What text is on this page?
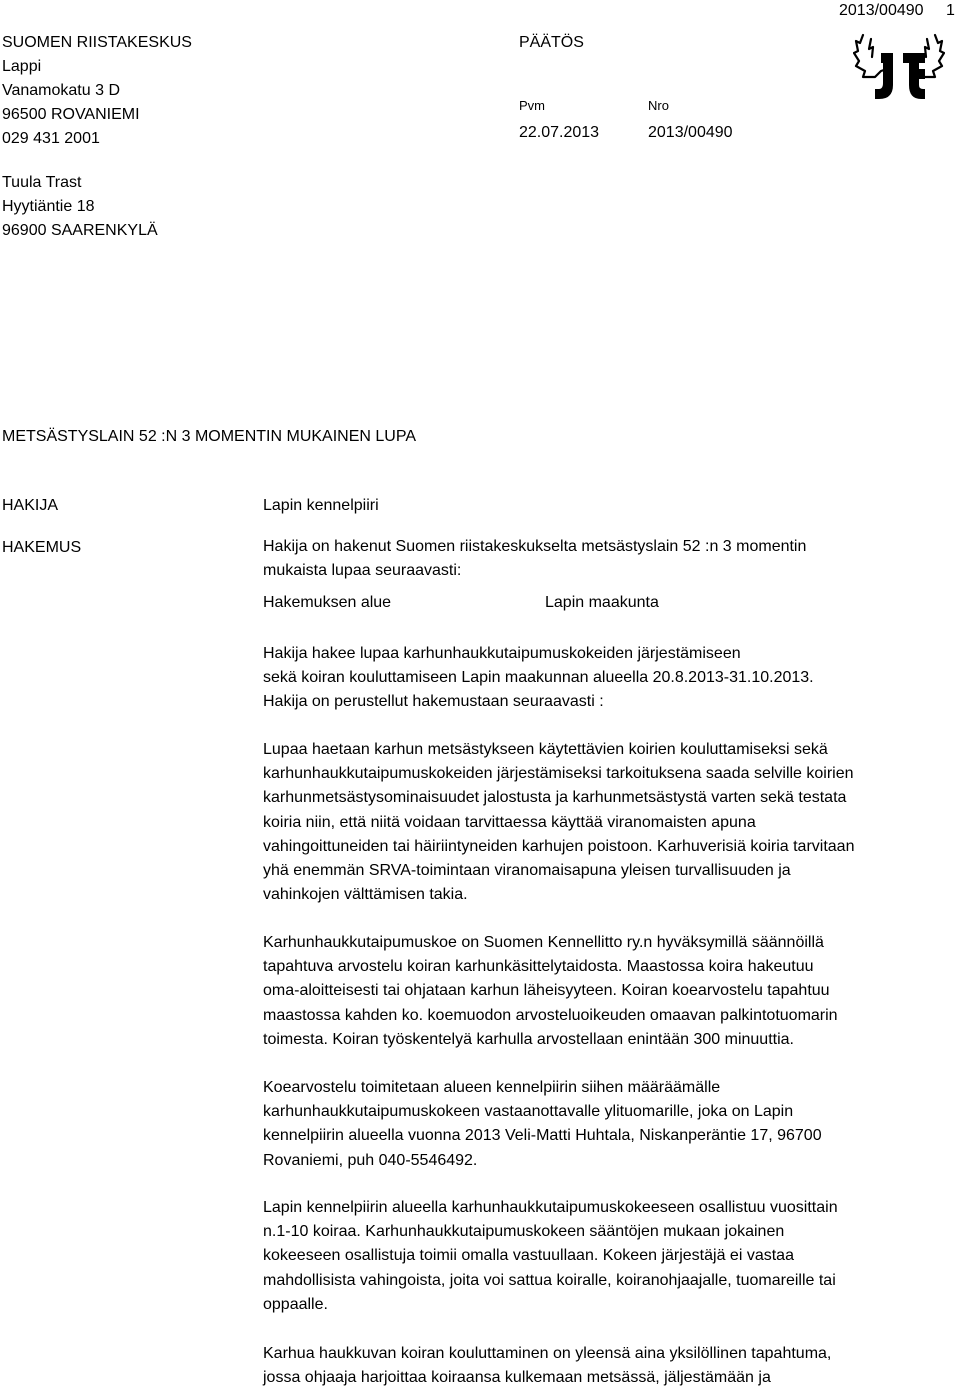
SUOMEN RIISTAKESKUS
Lappi
Vanamokatu 3 D
96500 ROVANIEMI
029 431 2001
PÄÄTÖS
Pvm	Nro
22.07.2013	2013/00490
2013/00490 1
Tuula Trast
Hyytiäntie 18
96900 SAARENKYLÄ
METSÄSTYSLAIN 52 :N 3 MOMENTIN MUKAINEN LUPA
HAKIJA	Lapin kennelpiiri
HAKEMUS	Hakija on hakenut Suomen riistakeskukselta metsästyslain 52 :n 3 momentin
mukaista lupaa seuraavasti:
Hakemuksen alue	Lapin maakunta
Hakija hakee lupaa karhunhaukkutaipumuskokeiden järjestämiseen
sekä koiran kouluttamiseen Lapin maakunnan alueella 20.8.2013-31.10.2013.
Hakija on perustellut hakemustaan seuraavasti :
Lupaa haetaan karhun metsästykseen käytettävien koirien kouluttamiseksi sekä
karhunhaukkutaipumuskokeiden järjestämiseksi tarkoituksena saada selville koirien
karhunmetsästysominaisuudet jalostusta ja karhunmetsästystä varten sekä testata
koiria niin, että niitä voidaan tarvittaessa käyttää viranomaisten apuna
vahingoittuneiden tai häiriintyneiden karhujen poistoon. Karhuverisiä koiria tarvitaan
yhä enemmän SRVA-toimintaan viranomaisapuna yleisen turvallisuuden ja
vahinkojen välttämisen takia.
Karhunhaukkutaipumuskoe on Suomen Kennellitto ry.n hyväksymillä säännöillä
tapahtuva arvostelu koiran karhunkäsittelytaidosta. Maastossa koira hakeutuu
oma-aloitteisesti tai ohjataan karhun läheisyyteen. Koiran koearvostelu tapahtuu
maastossa kahden ko. koemuodon arvosteluoikeuden omaavan palkintotuomarin
toimesta. Koiran työskentelyä karhulla arvostellaan enintään 300 minuuttia.
Koearvostelu toimitetaan alueen kennelpiirin siihen määräämälle
karhunhaukkutaipumuskokeen vastaanottavalle ylituomarille, joka on Lapin
kennelpiirin alueella vuonna 2013 Veli-Matti Huhtala, Niskanperäntie 17, 96700
Rovaniemi, puh 040-5546492.
Lapin kennelpiirin alueella karhunhaukkutaipumuskokeeseen osallistuu vuosittain
n.1-10 koiraa. Karhunhaukkutaipumuskokeen sääntöjen mukaan jokainen
kokeeseen osallistuja toimii omalla vastuullaan. Kokeen järjestäjä ei vastaa
mahdollisista vahingoista, joita voi sattua koiralle, koiranohjaajalle, tuomareille tai
oppaalle.
Karhua haukkuvan koiran kouluttaminen on yleensä aina yksilöllinen tapahtuma,
jossa ohjaaja harjoittaa koiraansa kulkemaan metsässä, jäljestämään ja
